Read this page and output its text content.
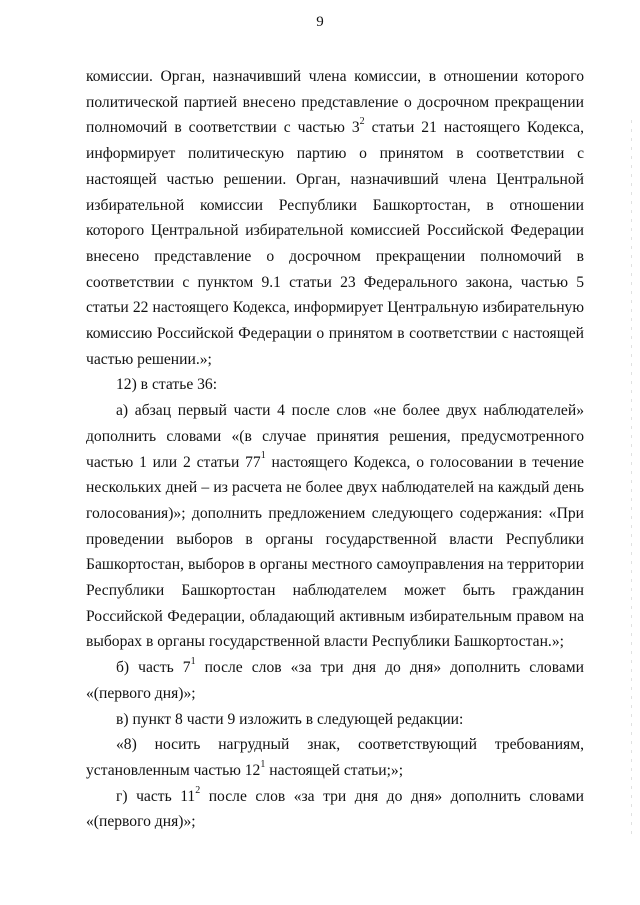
9

комиссии. Орган, назначивший члена комиссии, в отношении которого политической партией внесено представление о досрочном прекращении полномочий в соответствии с частью $3^2$ статьи 21 настоящего Кодекса, информирует политическую партию о принятом в соответствии с настоящей частью решении. Орган, назначивший члена Центральной избирательной комиссии Республики Башкортостан, в отношении которого Центральной избирательной комиссией Российской Федерации внесено представление о досрочном прекращении полномочий в соответствии с пунктом 9.1 статьи 23 Федерального закона, частью 5 статьи 22 настоящего Кодекса, информирует Центральную избирательную комиссию Российской Федерации о принятом в соответствии с настоящей частью решении.»;

12) в статье 36:

а) абзац первый части 4 после слов «не более двух наблюдателей» дополнить словами «(в случае принятия решения, предусмотренного частью 1 или 2 статьи $77^1$ настоящего Кодекса, о голосовании в течение нескольких дней – из расчета не более двух наблюдателей на каждый день голосования)»; дополнить предложением следующего содержания: «При проведении выборов в органы государственной власти Республики Башкортостан, выборов в органы местного самоуправления на территории Республики Башкортостан наблюдателем может быть гражданин Российской Федерации, обладающий активным избирательным правом на выборах в органы государственной власти Республики Башкортостан.»;

б) часть $7^1$ после слов «за три дня до дня» дополнить словами «(первого дня)»;

в) пункт 8 части 9 изложить в следующей редакции:

«8) носить нагрудный знак, соответствующий требованиям, установленным частью $12^1$ настоящей статьи;»;

г) часть $11^2$ после слов «за три дня до дня» дополнить словами «(первого дня)»;
